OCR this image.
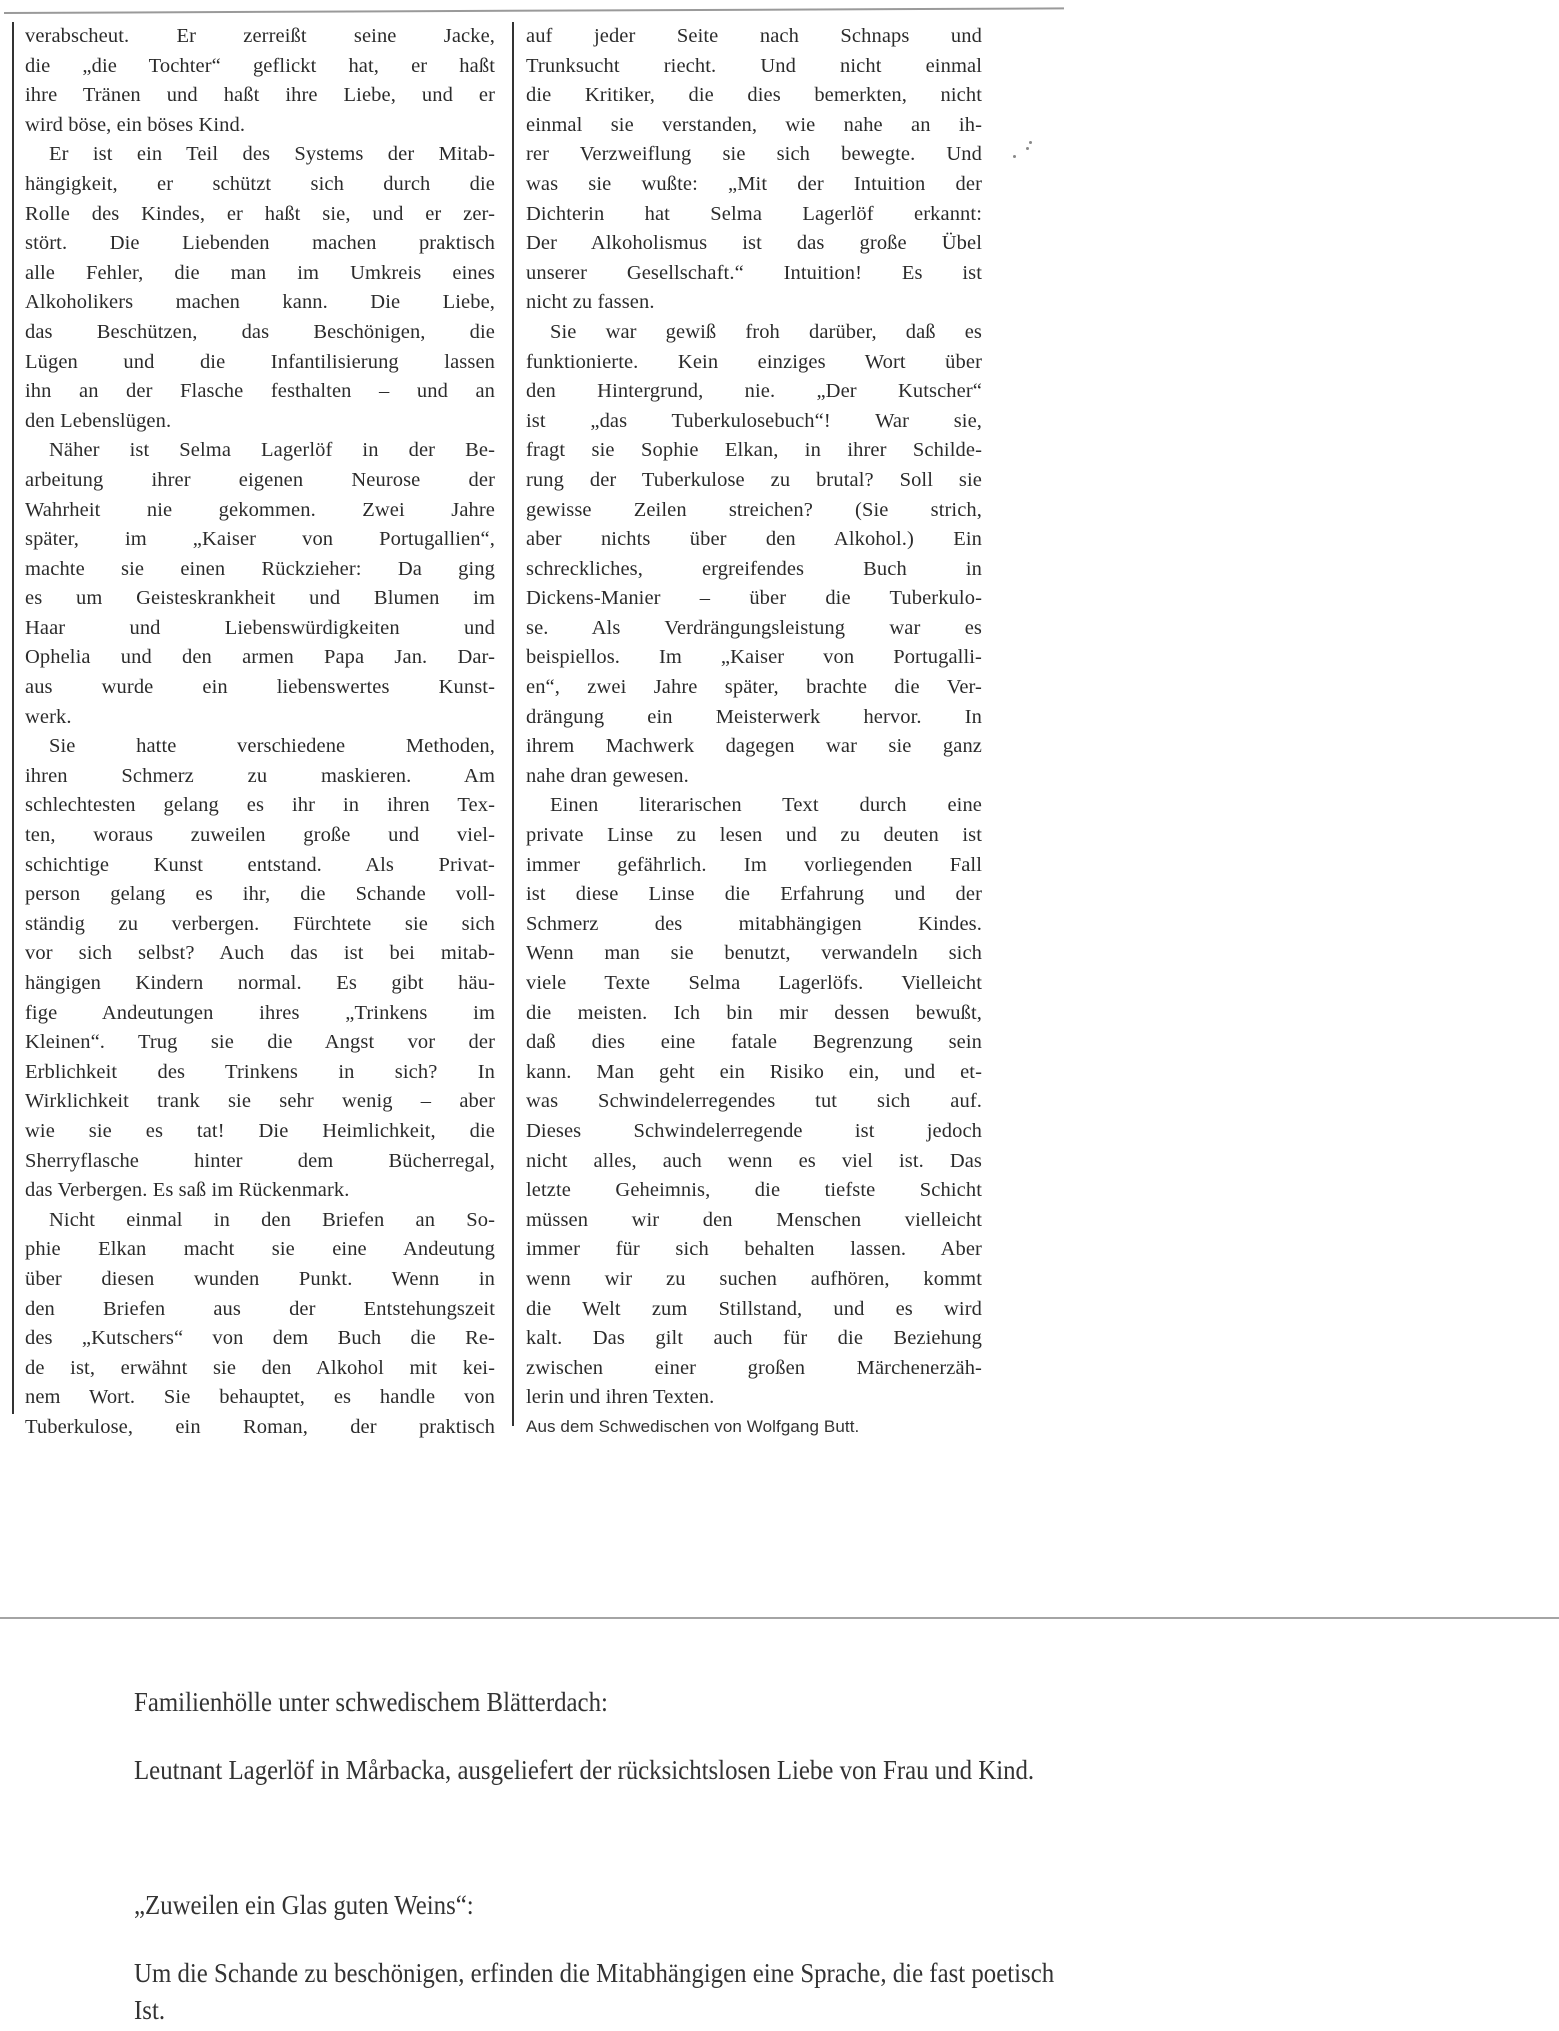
verabscheut. Er zerreißt seine Jacke,
die „die Tochter“ geflickt hat, er haßt
ihre Tränen und haßt ihre Liebe, und er
wird böse, ein böses Kind.
Er ist ein Teil des Systems der Mitab-
hängigkeit, er schützt sich durch die
Rolle des Kindes, er haßt sie, und er zer-
stört. Die Liebenden machen praktisch
alle Fehler, die man im Umkreis eines
Alkoholikers machen kann. Die Liebe,
das Beschützen, das Beschönigen, die
Lügen und die Infantilisierung lassen
ihn an der Flasche festhalten – und an
den Lebenslügen.
Näher ist Selma Lagerlöf in der Be-
arbeitung ihrer eigenen Neurose der
Wahrheit nie gekommen. Zwei Jahre
später, im „Kaiser von Portugallien“,
machte sie einen Rückzieher: Da ging
es um Geisteskrankheit und Blumen im
Haar und Liebenswürdigkeiten und
Ophelia und den armen Papa Jan. Dar-
aus wurde ein liebenswertes Kunst-
werk.
Sie hatte verschiedene Methoden,
ihren Schmerz zu maskieren. Am
schlechtesten gelang es ihr in ihren Tex-
ten, woraus zuweilen große und viel-
schichtige Kunst entstand. Als Privat-
person gelang es ihr, die Schande voll-
ständig zu verbergen. Fürchtete sie sich
vor sich selbst? Auch das ist bei mitab-
hängigen Kindern normal. Es gibt häu-
fige Andeutungen ihres „Trinkens im
Kleinen“. Trug sie die Angst vor der
Erblichkeit des Trinkens in sich? In
Wirklichkeit trank sie sehr wenig – aber
wie sie es tat! Die Heimlichkeit, die
Sherryflasche hinter dem Bücherregal,
das Verbergen. Es saß im Rückenmark.
Nicht einmal in den Briefen an So-
phie Elkan macht sie eine Andeutung
über diesen wunden Punkt. Wenn in
den Briefen aus der Entstehungszeit
des „Kutschers“ von dem Buch die Re-
de ist, erwähnt sie den Alkohol mit kei-
nem Wort. Sie behauptet, es handle von
Tuberkulose, ein Roman, der praktisch
auf jeder Seite nach Schnaps und
Trunksucht riecht. Und nicht einmal
die Kritiker, die dies bemerkten, nicht
einmal sie verstanden, wie nahe an ih-
rer Verzweiflung sie sich bewegte. Und
was sie wußte: „Mit der Intuition der
Dichterin hat Selma Lagerlöf erkannt:
Der Alkoholismus ist das große Übel
unserer Gesellschaft.“ Intuition! Es ist
nicht zu fassen.
Sie war gewiß froh darüber, daß es
funktionierte. Kein einziges Wort über
den Hintergrund, nie. „Der Kutscher“
ist „das Tuberkulosebuch“! War sie,
fragt sie Sophie Elkan, in ihrer Schilde-
rung der Tuberkulose zu brutal? Soll sie
gewisse Zeilen streichen? (Sie strich,
aber nichts über den Alkohol.) Ein
schreckliches, ergreifendes Buch in
Dickens-Manier – über die Tuberkulo-
se. Als Verdrängungsleistung war es
beispiellos. Im „Kaiser von Portugalli-
en“, zwei Jahre später, brachte die Ver-
drängung ein Meisterwerk hervor. In
ihrem Machwerk dagegen war sie ganz
nahe dran gewesen.
Einen literarischen Text durch eine
private Linse zu lesen und zu deuten ist
immer gefährlich. Im vorliegenden Fall
ist diese Linse die Erfahrung und der
Schmerz des mitabhängigen Kindes.
Wenn man sie benutzt, verwandeln sich
viele Texte Selma Lagerlöfs. Vielleicht
die meisten. Ich bin mir dessen bewußt,
daß dies eine fatale Begrenzung sein
kann. Man geht ein Risiko ein, und et-
was Schwindelerregendes tut sich auf.
Dieses Schwindelerregende ist jedoch
nicht alles, auch wenn es viel ist. Das
letzte Geheimnis, die tiefste Schicht
müssen wir den Menschen vielleicht
immer für sich behalten lassen. Aber
wenn wir zu suchen aufhören, kommt
die Welt zum Stillstand, und es wird
kalt. Das gilt auch für die Beziehung
zwischen einer großen Märchenerzäh-
lerin und ihren Texten.
Aus dem Schwedischen von Wolfgang Butt.
Familienhölle unter schwedischem Blätterdach:
Leutnant Lagerlöf in Mårbacka, ausgeliefert der rücksichtslosen Liebe von Frau und Kind.
„Zuweilen ein Glas guten Weins“:
Um die Schande zu beschönigen, erfinden die Mitabhängigen eine Sprache, die fast poetisch
Ist.
